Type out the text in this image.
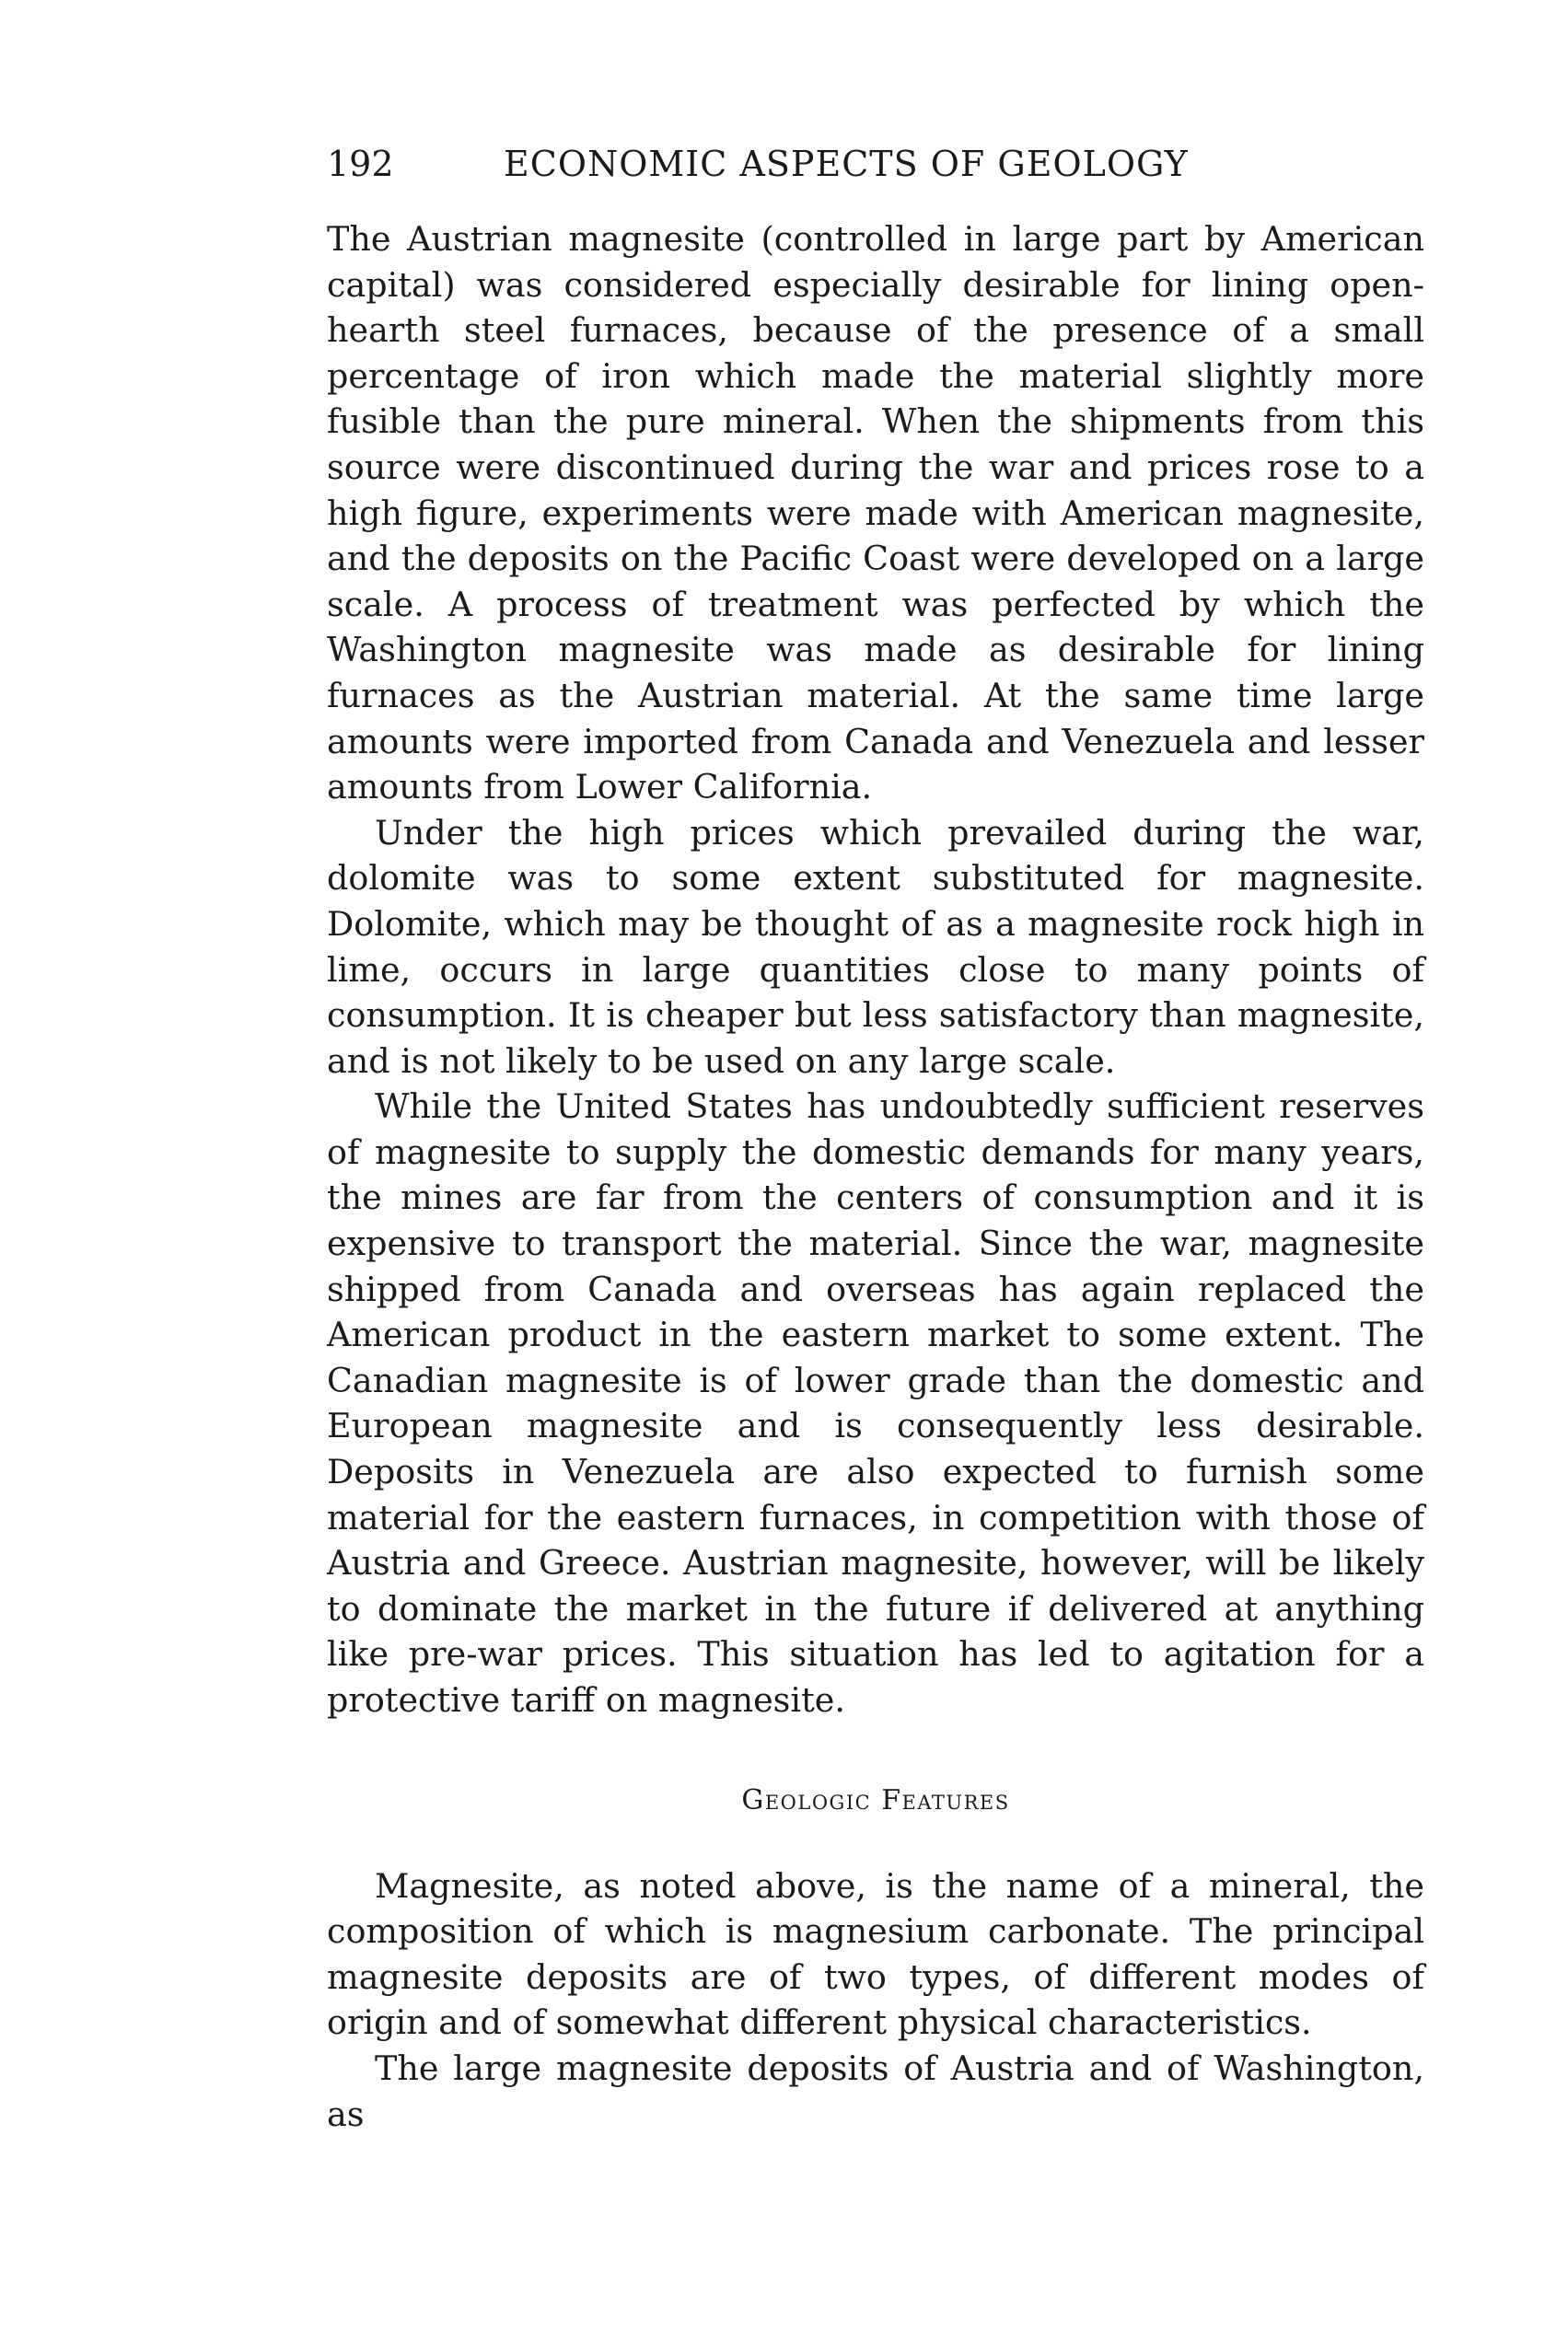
192	ECONOMIC ASPECTS OF GEOLOGY

The Austrian magnesite (controlled in large part by American capital) was considered especially desirable for lining open-hearth steel furnaces, because of the presence of a small percentage of iron which made the material slightly more fusible than the pure mineral. When the shipments from this source were discontinued during the war and prices rose to a high figure, experiments were made with American magnesite, and the deposits on the Pacific Coast were developed on a large scale. A process of treatment was perfected by which the Washington magnesite was made as desirable for lining furnaces as the Austrian material. At the same time large amounts were imported from Canada and Venezuela and lesser amounts from Lower California.

Under the high prices which prevailed during the war, dolomite was to some extent substituted for magnesite. Dolomite, which may be thought of as a magnesite rock high in lime, occurs in large quantities close to many points of consumption. It is cheaper but less satisfactory than magnesite, and is not likely to be used on any large scale.

While the United States has undoubtedly sufficient reserves of magnesite to supply the domestic demands for many years, the mines are far from the centers of consumption and it is expensive to transport the material. Since the war, magnesite shipped from Canada and overseas has again replaced the American product in the eastern market to some extent. The Canadian magnesite is of lower grade than the domestic and European magnesite and is consequently less desirable. Deposits in Venezuela are also expected to furnish some material for the eastern furnaces, in competition with those of Austria and Greece. Austrian magnesite, however, will be likely to dominate the market in the future if delivered at anything like pre-war prices. This situation has led to agitation for a protective tariff on magnesite.

Geologic Features

Magnesite, as noted above, is the name of a mineral, the composition of which is magnesium carbonate. The principal magnesite deposits are of two types, of different modes of origin and of somewhat different physical characteristics.

The large magnesite deposits of Austria and of Washington, as
